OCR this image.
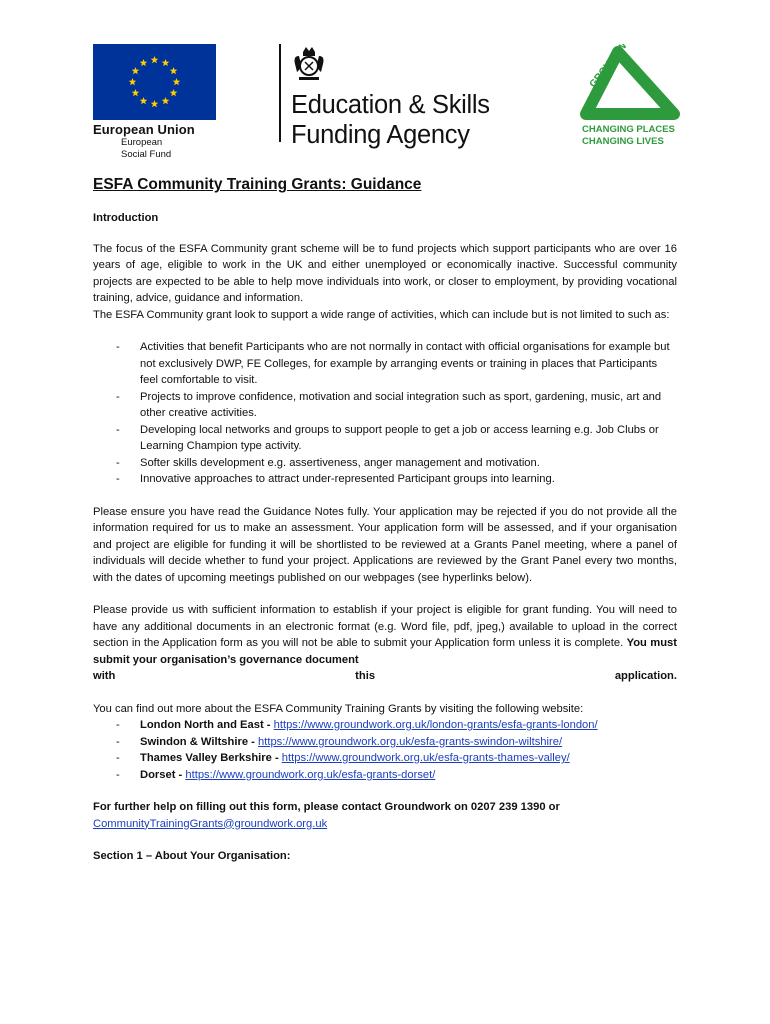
European Union
European
Social Fund
Education & Skills
Funding Agency
GROUNDWORK
CHANGING PLACES
CHANGING LIVES
ESFA Community Training Grants: Guidance
Introduction

The focus of the ESFA Community grant scheme will be to fund projects which support participants who are over 16 years of age, eligible to work in the UK and either unemployed or economically inactive. Successful community projects are expected to be able to help move individuals into work, or closer to employment, by providing vocational training, advice, guidance and information.

The ESFA Community grant look to support a wide range of activities, which can include but is not limited to such as:

- Activities that benefit Participants who are not normally in contact with official organisations for example but not exclusively DWP, FE Colleges, for example by arranging events or training in places that Participants feel comfortable to visit.
- Projects to improve confidence, motivation and social integration such as sport, gardening, music, art and other creative activities.
- Developing local networks and groups to support people to get a job or access learning e.g. Job Clubs or Learning Champion type activity.
- Softer skills development e.g. assertiveness, anger management and motivation.
- Innovative approaches to attract under-represented Participant groups into learning.

Please ensure you have read the Guidance Notes fully. Your application may be rejected if you do not provide all the information required for us to make an assessment. Your application form will be assessed, and if your organisation and project are eligible for funding it will be shortlisted to be reviewed at a Grants Panel meeting, where a panel of individuals will decide whether to fund your project. Applications are reviewed by the Grant Panel every two months, with the dates of upcoming meetings published on our webpages (see hyperlinks below).

Please provide us with sufficient information to establish if your project is eligible for grant funding. You will need to have any additional documents in an electronic format (e.g. Word file, pdf, jpeg,) available to upload in the correct section in the Application form as you will not be able to submit your Application form unless it is complete. You must submit your organisation’s governance document

with	this	application.

You can find out more about the ESFA Community Training Grants by visiting the following website:

- London North and East - https://www.groundwork.org.uk/london-grants/esfa-grants-london/
- Swindon & Wiltshire - https://www.groundwork.org.uk/esfa-grants-swindon-wiltshire/
- Thames Valley Berkshire - https://www.groundwork.org.uk/esfa-grants-thames-valley/
- Dorset - https://www.groundwork.org.uk/esfa-grants-dorset/

For further help on filling out this form, please contact Groundwork on 0207 239 1390 or

CommunityTrainingGrants@groundwork.org.uk
Section 1 – About Your Organisation:
